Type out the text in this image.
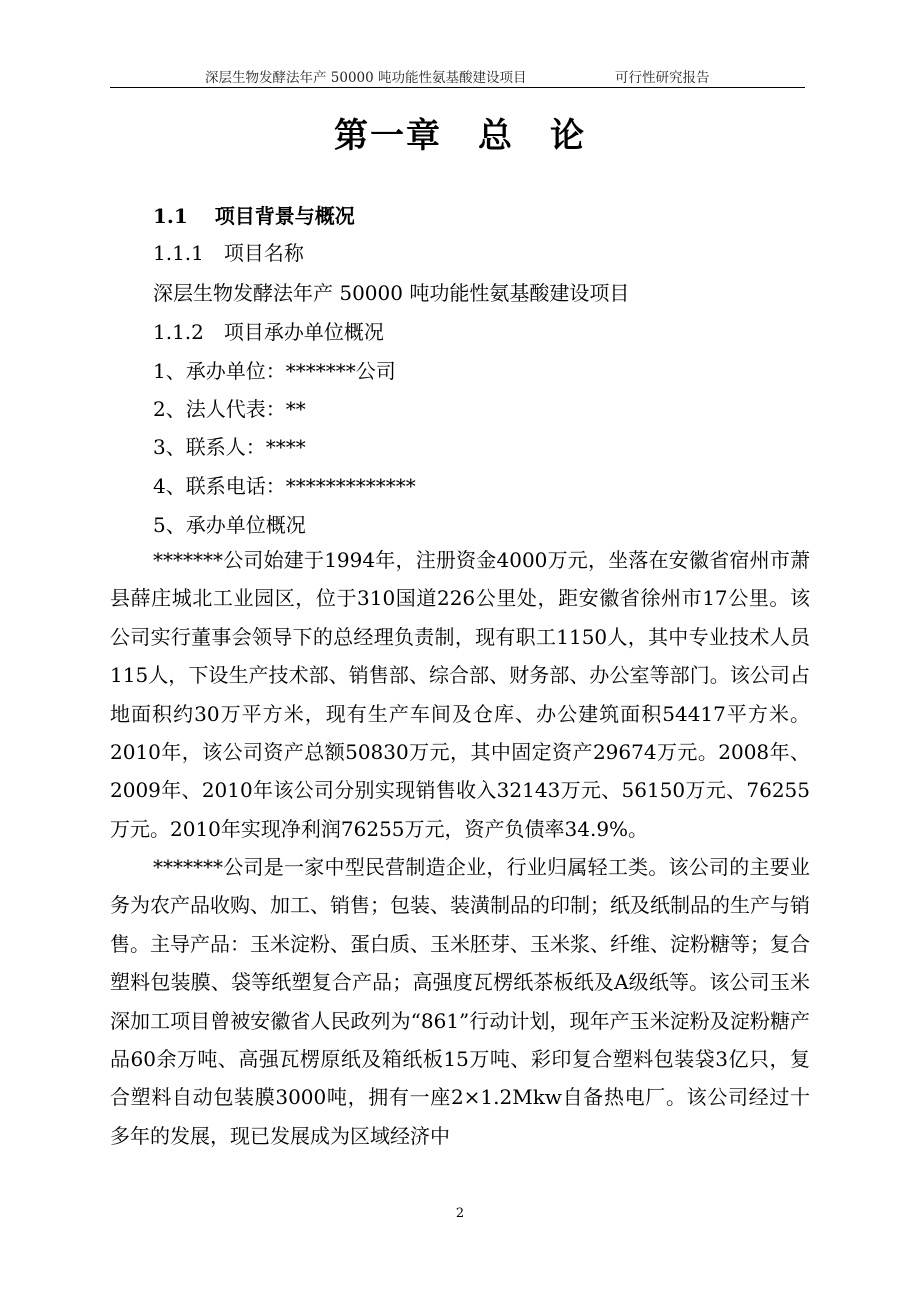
深层生物发酵法年产 50000 吨功能性氨基酸建设项目	可行性研究报告
第一章　总　论
1.1　 项目背景与概况
1.1.1　项目名称
深层生物发酵法年产 50000 吨功能性氨基酸建设项目
1.1.2　项目承办单位概况
1、承办单位：*******公司
2、法人代表：**
3、联系人：****
4、联系电话：*************
5、承办单位概况
*******公司始建于1994年，注册资金4000万元，坐落在安徽省宿州市萧县薛庄城北工业园区，位于310国道226公里处，距安徽省徐州市17公里。该公司实行董事会领导下的总经理负责制，现有职工1150人，其中专业技术人员115人，下设生产技术部、销售部、综合部、财务部、办公室等部门。该公司占地面积约30万平方米，现有生产车间及仓库、办公建筑面积54417平方米。2010年，该公司资产总额50830万元，其中固定资产29674万元。2008年、2009年、2010年该公司分别实现销售收入32143万元、56150万元、76255万元。2010年实现净利润76255万元，资产负债率34.9%。
*******公司是一家中型民营制造企业，行业归属轻工类。该公司的主要业务为农产品收购、加工、销售；包装、装潢制品的印制；纸及纸制品的生产与销售。主导产品：玉米淀粉、蛋白质、玉米胚芽、玉米浆、纤维、淀粉糖等；复合塑料包装膜、袋等纸塑复合产品；高强度瓦楞纸茶板纸及A级纸等。该公司玉米深加工项目曾被安徽省人民政列为“861”行动计划，现年产玉米淀粉及淀粉糖产品60余万吨、高强瓦楞原纸及箱纸板15万吨、彩印复合塑料包装袋3亿只，复合塑料自动包装膜3000吨，拥有一座2×1.2Mkw自备热电厂。该公司经过十多年的发展，现已发展成为区域经济中
2
